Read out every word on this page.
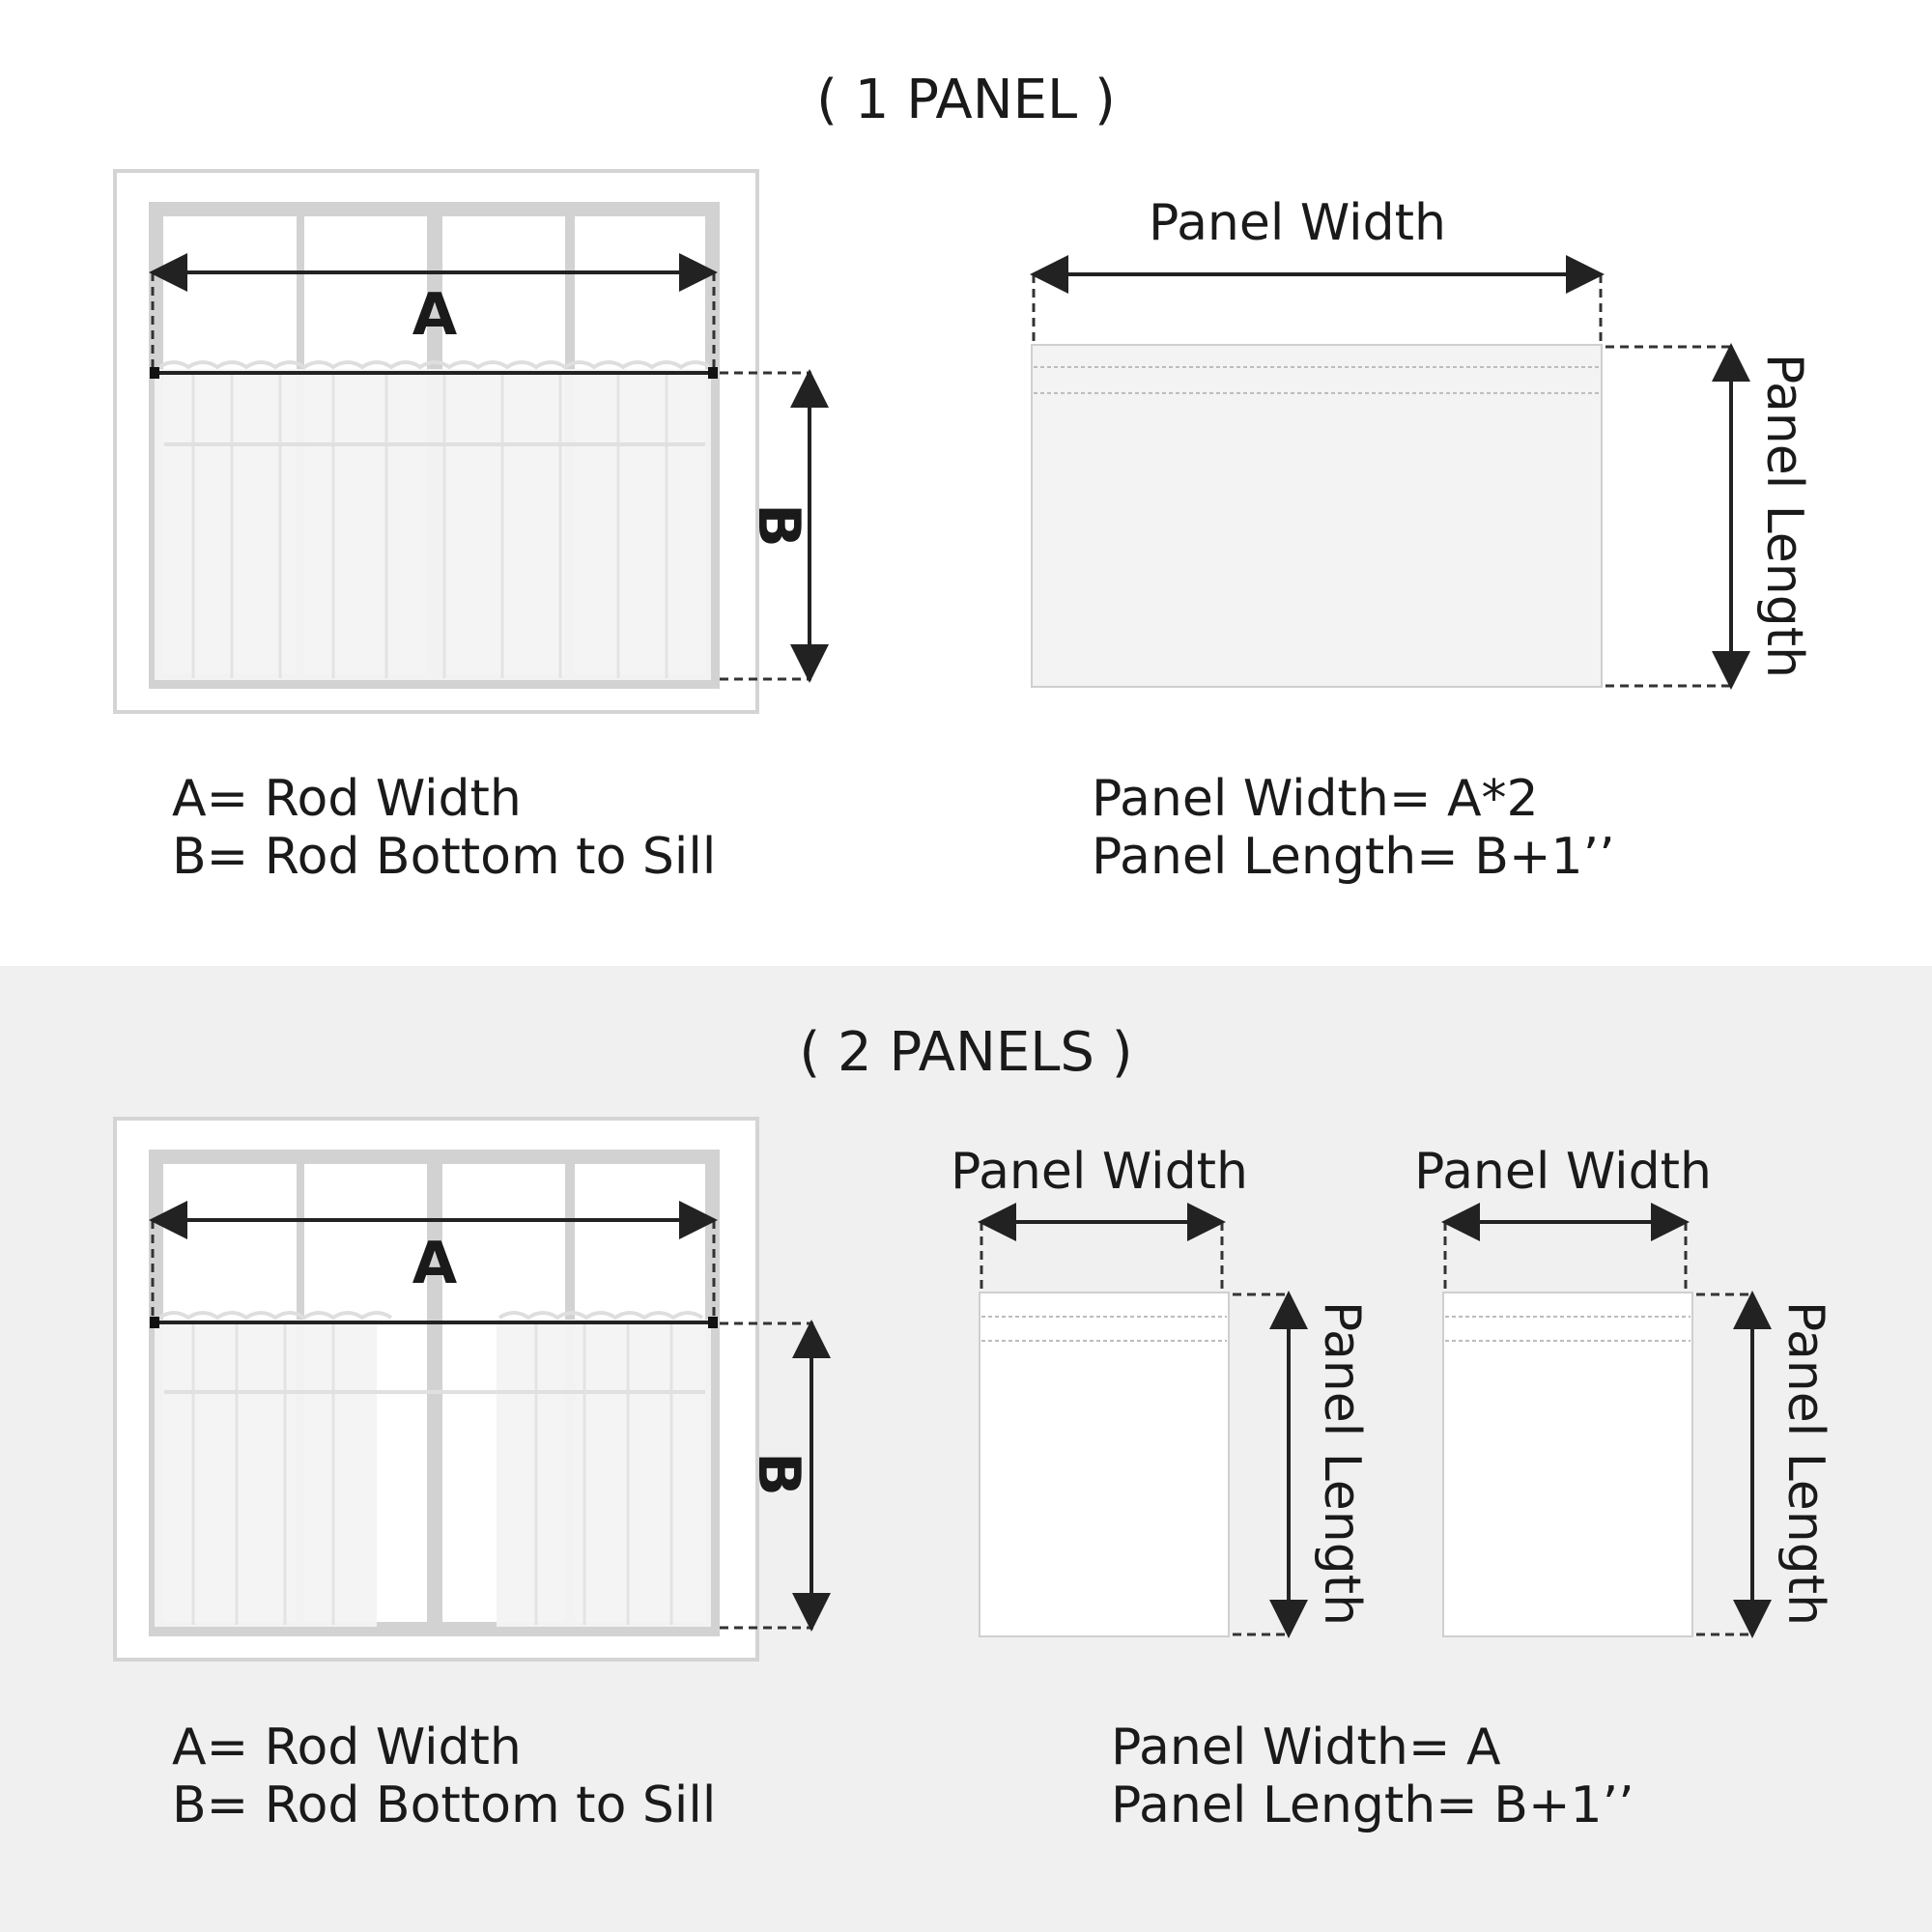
( 1 PANEL )
A
B
Panel Width
Panel Length
A= Rod Width
B= Rod Bottom to Sill
Panel Width= A*2
Panel Length= B+1’’
( 2 PANELS )
A
B
Panel Width
Panel Length
Panel Width
Panel Length
A= Rod Width
B= Rod Bottom to Sill
Panel Width= A
Panel Length= B+1’’
